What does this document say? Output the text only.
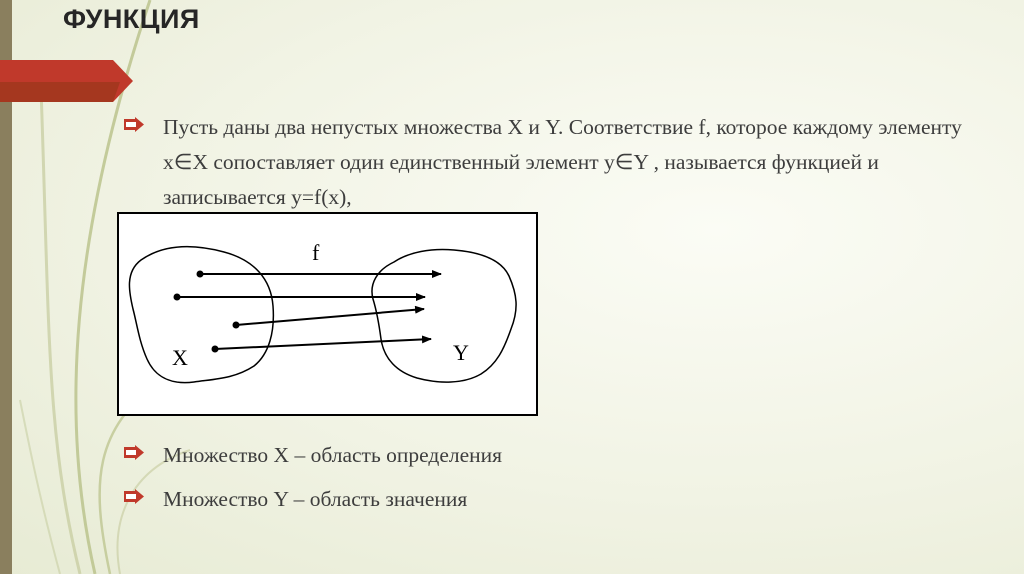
ФУНКЦИЯ
Пусть даны два непустых множества X и Y. Соответствие f, которое каждому элементу x∈X сопоставляет один единственный элемент y∈Y , называется функцией и записывается y=f(x),
f
X	Y
Множество X – область определения
Множество Y – область значения
